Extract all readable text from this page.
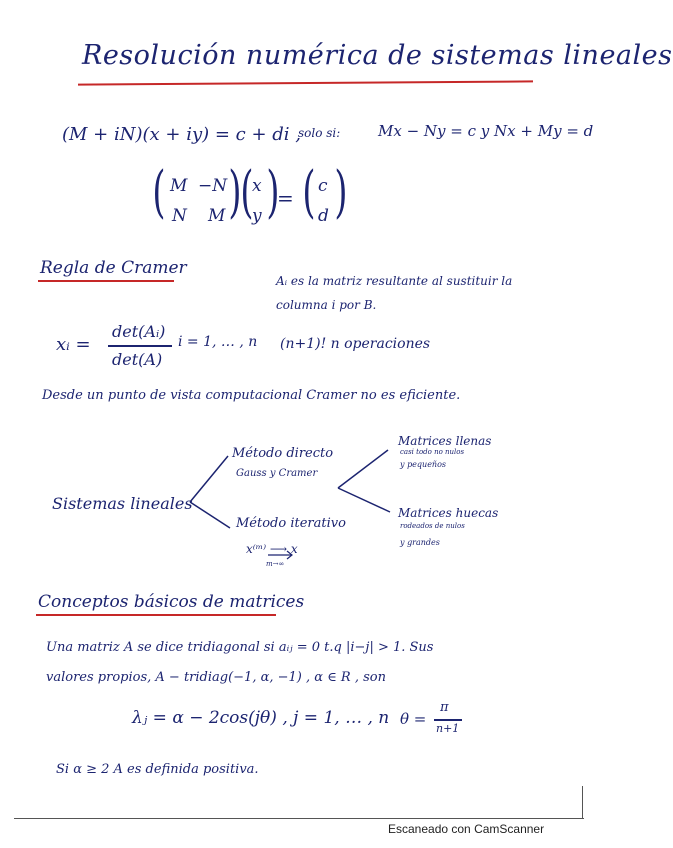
Resolución numérica de sistemas lineales
(M + iN)(x + iy) = c + di ,
solo si:	Mx − Ny = c y Nx + My = d
( M −N
N M )
(
x
y )
= ( c
d )
Regla de Cramer
Aᵢ es la matriz resultante al sustituir la
columna i por B.
xᵢ =
det(Aᵢ)
det(A)
i = 1, … , n (n+1)! n operaciones
Desde un punto de vista computacional Cramer no es eficiente.
Sistemas lineales
Método directo
Gauss y Cramer
Método iterativo
x⁽ᵐ⁾ ⟶ x
m→∞
Matrices llenas
casi todo no nulos
y pequeños
Matrices huecas
rodeados de nulos
y grandes
Conceptos básicos de matrices
Una matriz A se dice tridiagonal si aᵢⱼ = 0 t.q |i−j| > 1. Sus
valores propios, A − tridiag(−1, α, −1) , α ∈ R , son
λⱼ = α − 2cos(jθ) , j = 1, … , n θ =
π
n+1
Si α ≥ 2 A es definida positiva.
Escaneado con CamScanner
